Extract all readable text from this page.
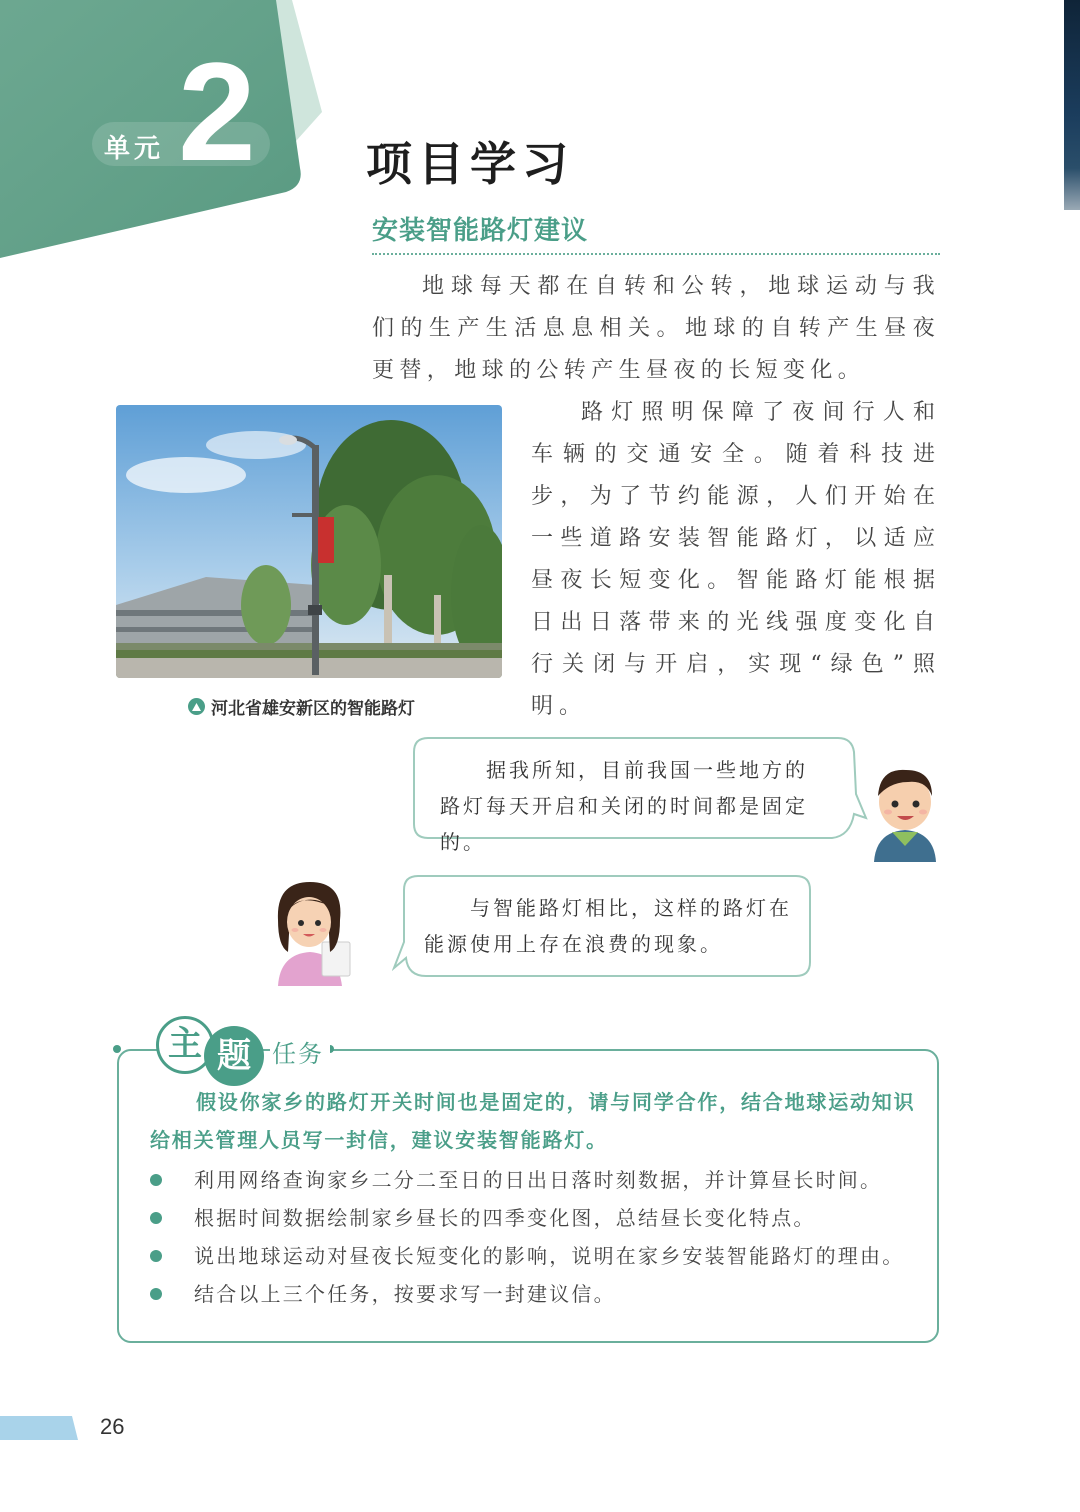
单元 2 项目学习
安装智能路灯建议

地球每天都在自转和公转，地球运动与我们的生产生活息息相关。地球的自转产生昼夜更替，地球的公转产生昼夜的长短变化。

路灯照明保障了夜间行人和车辆的交通安全。随着科技进步，为了节约能源，人们开始在一些道路安装智能路灯，以适应昼夜长短变化。智能路灯能根据日出日落带来的光线强度变化自行关闭与开启，实现“绿色”照明。

河北省雄安新区的智能路灯

据我所知，目前我国一些地方的路灯每天开启和关闭的时间都是固定的。

与智能路灯相比，这样的路灯在能源使用上存在浪费的现象。

主 题 任务

假设你家乡的路灯开关时间也是固定的，请与同学合作，结合地球运动知识给相关管理人员写一封信，建议安装智能路灯。

利用网络查询家乡二分二至日的日出日落时刻数据，并计算昼长时间。
根据时间数据绘制家乡昼长的四季变化图，总结昼长变化特点。
说出地球运动对昼夜长短变化的影响，说明在家乡安装智能路灯的理由。
结合以上三个任务，按要求写一封建议信。
26
